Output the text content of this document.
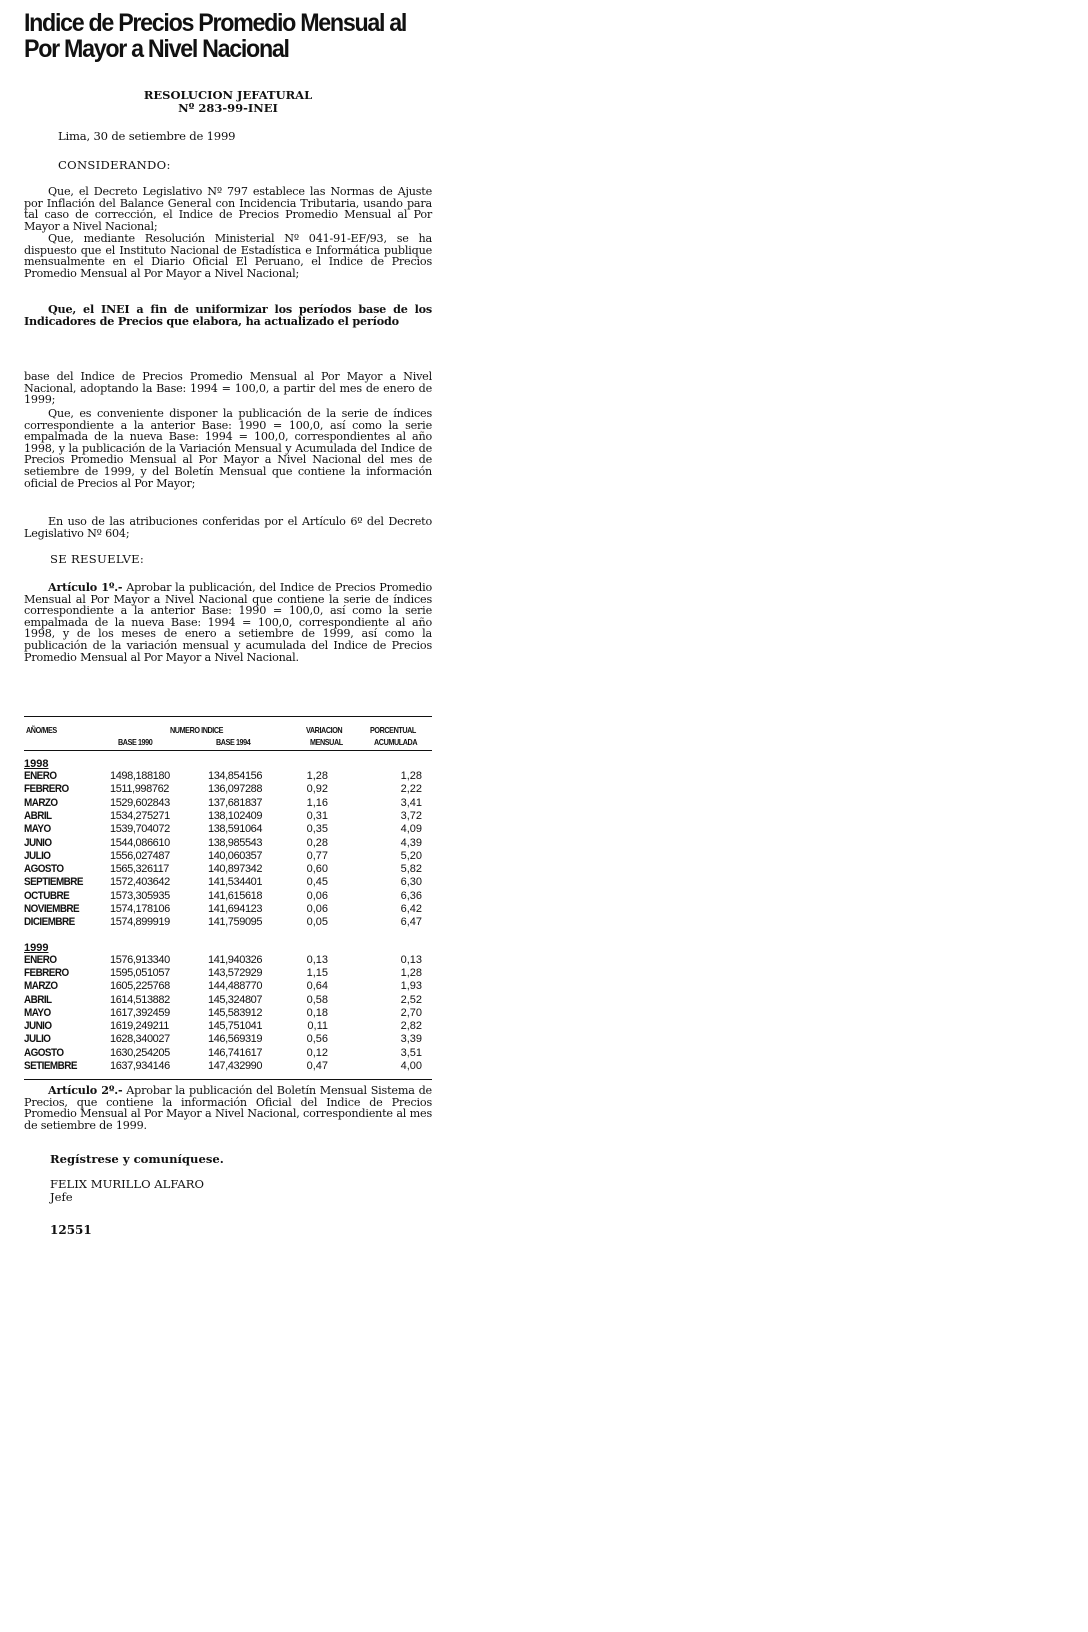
Indice de Precios Promedio Mensual al
Por Mayor a Nivel Nacional
RESOLUCION JEFATURAL
Nº 283-99-INEI

Lima, 30 de setiembre de 1999

CONSIDERANDO:

Que, el Decreto Legislativo Nº 797 establece las Normas de Ajuste por Inflación del Balance General con Incidencia Tributaria, usando para tal caso de corrección, el Indice de Precios Promedio Mensual al Por Mayor a Nivel Nacional;

Que, mediante Resolución Ministerial Nº 041-91-EF/93, se ha dispuesto que el Instituto Nacional de Estadística e Informática publique mensualmente en el Diario Oficial El Peruano, el Indice de Precios Promedio Mensual al Por Mayor a Nivel Nacional;

Que, el INEI a fin de uniformizar los períodos base de los Indicadores de Precios que elabora, ha actualizado el período

base del Indice de Precios Promedio Mensual al Por Mayor a Nivel Nacional, adoptando la Base: 1994 = 100,0, a partir del mes de enero de 1999;

Que, es conveniente disponer la publicación de la serie de índices correspondiente a la anterior Base: 1990 = 100,0, así como la serie empalmada de la nueva Base: 1994 = 100,0, correspondientes al año 1998, y la publicación de la Variación Mensual y Acumulada del Indice de Precios Promedio Mensual al Por Mayor a Nivel Nacional del mes de setiembre de 1999, y del Boletín Mensual que contiene la información oficial de Precios al Por Mayor;

En uso de las atribuciones conferidas por el Artículo 6º del Decreto Legislativo Nº 604;

SE RESUELVE:

Artículo 1º.- Aprobar la publicación, del Indice de Precios Promedio Mensual al Por Mayor a Nivel Nacional que contiene la serie de índices correspondiente a la anterior Base: 1990 = 100,0, así como la serie empalmada de la nueva Base: 1994 = 100,0, correspondiente al año 1998, y de los meses de enero a setiembre de 1999, así como la publicación de la variación mensual y acumulada del Indice de Precios Promedio Mensual al Por Mayor a Nivel Nacional.

AÑO/MES	NUMERO INDICE	VARIACION	PORCENTUAL
BASE 1990	BASE 1994	MENSUAL	ACUMULADA
1998
ENERO	1498,188180	134,854156	1,28	1,28
FEBRERO	1511,998762	136,097288	0,92	2,22
MARZO	1529,602843	137,681837	1,16	3,41
ABRIL	1534,275271	138,102409	0,31	3,72
MAYO	1539,704072	138,591064	0,35	4,09
JUNIO	1544,086610	138,985543	0,28	4,39
JULIO	1556,027487	140,060357	0,77	5,20
AGOSTO	1565,326117	140,897342	0,60	5,82
SEPTIEMBRE 1572,403642	141,534401	0,45	6,30
OCTUBRE	1573,305935	141,615618	0,06	6,36
NOVIEMBRE	1574,178106	141,694123	0,06	6,42
DICIEMBRE	1574,899919	141,759095	0,05	6,47
1999
ENERO	1576,913340	141,940326	0,13	0,13
FEBRERO	1595,051057	143,572929	1,15	1,28
MARZO	1605,225768	144,488770	0,64	1,93
ABRIL	1614,513882	145,324807	0,58	2,52
MAYO	1617,392459	145,583912	0,18	2,70
JUNIO	1619,249211	145,751041	0,11	2,82
JULIO	1628,340027	146,569319	0,56	3,39
AGOSTO	1630,254205	146,741617	0,12	3,51
SETIEMBRE	1637,934146	147,432990	0,47	4,00

Artículo 2º.- Aprobar la publicación del Boletín Mensual Sistema de Precios, que contiene la información Oficial del Indice de Precios Promedio Mensual al Por Mayor a Nivel Nacional, correspondiente al mes de setiembre de 1999.

Regístrese y comuníquese.
FELIX MURILLO ALFARO
Jefe
12551
